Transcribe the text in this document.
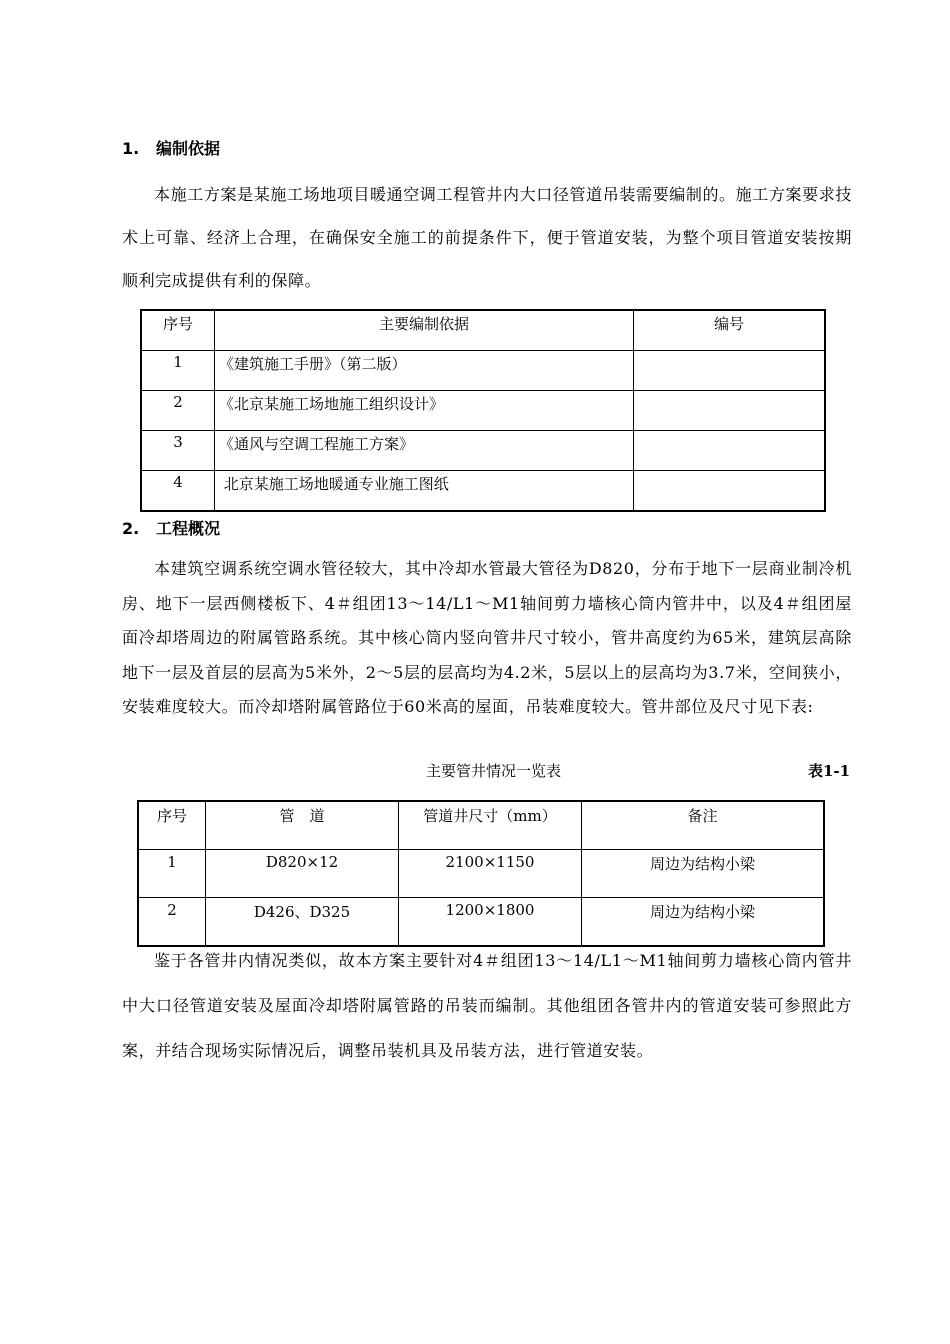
1. 编制依据
本施工方案是某施工场地项目暖通空调工程管井内大口径管道吊装需要编制的。施工方案要求技术上可靠、经济上合理，在确保安全施工的前提条件下，便于管道安装，为整个项目管道安装按期顺利完成提供有利的保障。
序号	主要编制依据	编号
1	《建筑施工手册》（第二版）	
2	《北京某施工场地施工组织设计》	
3	《通风与空调工程施工方案》	
4	北京某施工场地暖通专业施工图纸	
2. 工程概况
本建筑空调系统空调水管径较大，其中冷却水管最大管径为D820，分布于地下一层商业制冷机房、地下一层西侧楼板下、4＃组团13～14/L1～M1轴间剪力墙核心筒内管井中，以及4＃组团屋面冷却塔周边的附属管路系统。其中核心筒内竖向管井尺寸较小，管井高度约为65米，建筑层高除地下一层及首层的层高为5米外，2～5层的层高均为4.2米，5层以上的层高均为3.7米，空间狭小，安装难度较大。而冷却塔附属管路位于60米高的屋面，吊装难度较大。管井部位及尺寸见下表:
主要管井情况一览表	表1-1
序号	管　道	管道井尺寸（mm）	备注
1	D820×12	2100×1150	周边为结构小梁
2	D426、D325	1200×1800	周边为结构小梁
鉴于各管井内情况类似，故本方案主要针对4＃组团13～14/L1～M1轴间剪力墙核心筒内管井中大口径管道安装及屋面冷却塔附属管路的吊装而编制。其他组团各管井内的管道安装可参照此方案，并结合现场实际情况后，调整吊装机具及吊装方法，进行管道安装。
